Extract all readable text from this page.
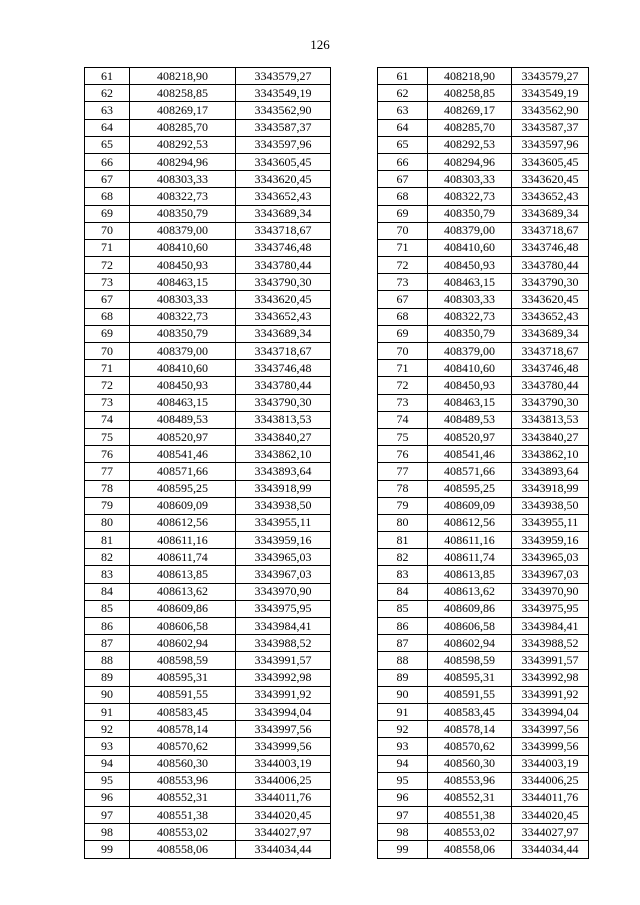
126
61	408218,90	3343579,27
62	408258,85	3343549,19
63	408269,17	3343562,90
64	408285,70	3343587,37
65	408292,53	3343597,96
66	408294,96	3343605,45
67	408303,33	3343620,45
68	408322,73	3343652,43
69	408350,79	3343689,34
70	408379,00	3343718,67
71	408410,60	3343746,48
72	408450,93	3343780,44
73	408463,15	3343790,30
67	408303,33	3343620,45
68	408322,73	3343652,43
69	408350,79	3343689,34
70	408379,00	3343718,67
71	408410,60	3343746,48
72	408450,93	3343780,44
73	408463,15	3343790,30
74	408489,53	3343813,53
75	408520,97	3343840,27
76	408541,46	3343862,10
77	408571,66	3343893,64
78	408595,25	3343918,99
79	408609,09	3343938,50
80	408612,56	3343955,11
81	408611,16	3343959,16
82	408611,74	3343965,03
83	408613,85	3343967,03
84	408613,62	3343970,90
85	408609,86	3343975,95
86	408606,58	3343984,41
87	408602,94	3343988,52
88	408598,59	3343991,57
89	408595,31	3343992,98
90	408591,55	3343991,92
91	408583,45	3343994,04
92	408578,14	3343997,56
93	408570,62	3343999,56
94	408560,30	3344003,19
95	408553,96	3344006,25
96	408552,31	3344011,76
97	408551,38	3344020,45
98	408553,02	3344027,97
99	408558,06	3344034,44
61	408218,90	3343579,27
62	408258,85	3343549,19
63	408269,17	3343562,90
64	408285,70	3343587,37
65	408292,53	3343597,96
66	408294,96	3343605,45
67	408303,33	3343620,45
68	408322,73	3343652,43
69	408350,79	3343689,34
70	408379,00	3343718,67
71	408410,60	3343746,48
72	408450,93	3343780,44
73	408463,15	3343790,30
67	408303,33	3343620,45
68	408322,73	3343652,43
69	408350,79	3343689,34
70	408379,00	3343718,67
71	408410,60	3343746,48
72	408450,93	3343780,44
73	408463,15	3343790,30
74	408489,53	3343813,53
75	408520,97	3343840,27
76	408541,46	3343862,10
77	408571,66	3343893,64
78	408595,25	3343918,99
79	408609,09	3343938,50
80	408612,56	3343955,11
81	408611,16	3343959,16
82	408611,74	3343965,03
83	408613,85	3343967,03
84	408613,62	3343970,90
85	408609,86	3343975,95
86	408606,58	3343984,41
87	408602,94	3343988,52
88	408598,59	3343991,57
89	408595,31	3343992,98
90	408591,55	3343991,92
91	408583,45	3343994,04
92	408578,14	3343997,56
93	408570,62	3343999,56
94	408560,30	3344003,19
95	408553,96	3344006,25
96	408552,31	3344011,76
97	408551,38	3344020,45
98	408553,02	3344027,97
99	408558,06	3344034,44
